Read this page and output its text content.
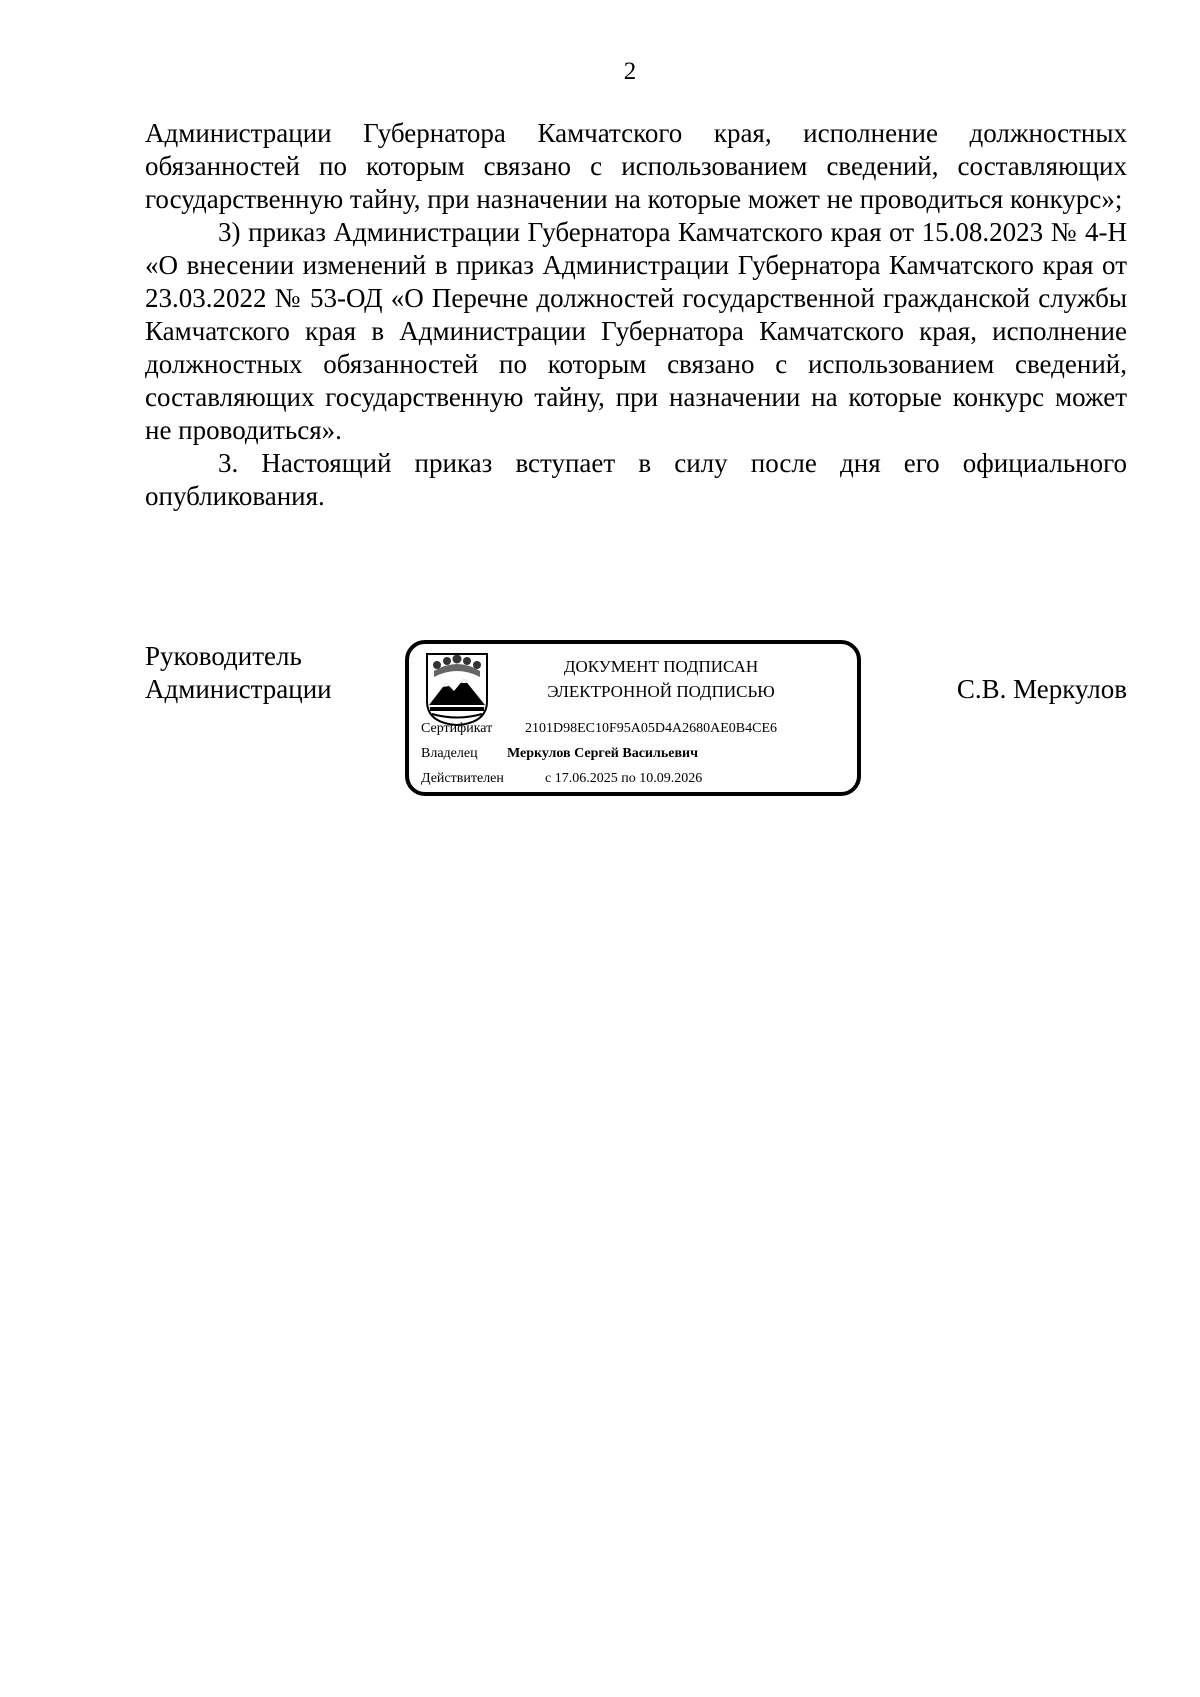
2

Администрации Губернатора Камчатского края, исполнение должностных обязанностей по которым связано с использованием сведений, составляющих государственную тайну, при назначении на которые может не проводиться конкурс»;

3) приказ Администрации Губернатора Камчатского края от 15.08.2023 № 4-Н «О внесении изменений в приказ Администрации Губернатора Камчатского края от 23.03.2022 № 53-ОД «О Перечне должностей государственной гражданской службы Камчатского края в Администрации Губернатора Камчатского края, исполнение должностных обязанностей по которым связано с использованием сведений, составляющих государственную тайну, при назначении на которые конкурс может не проводиться».

3. Настоящий приказ вступает в силу после дня его официального опубликования.

Руководитель
Администрации
ДОКУМЕНТ ПОДПИСАН
ЭЛЕКТРОННОЙ ПОДПИСЬЮ
Сертификат 2101D98EC10F95A05D4A2680AE0B4CE6
Владелец Меркулов Сергей Васильевич
Действителен	с 17.06.2025 по 10.09.2026
С.В. Меркулов
